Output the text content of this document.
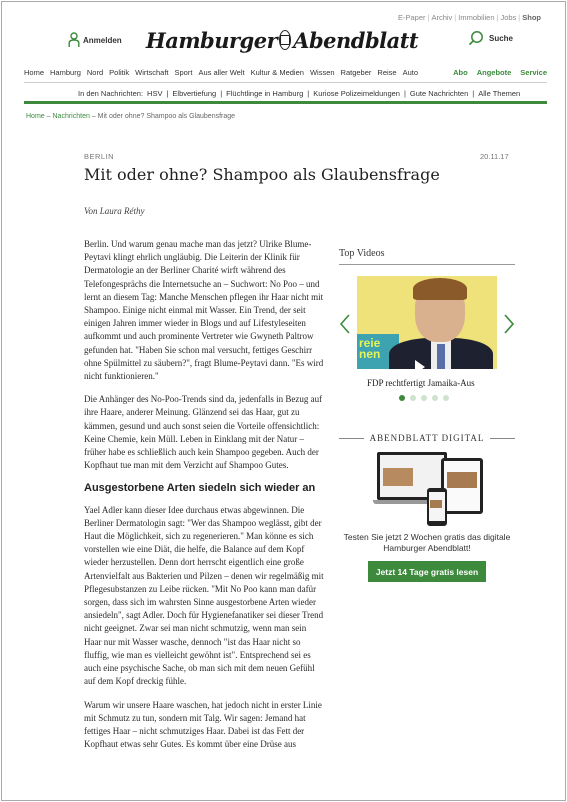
E-Paper | Archiv | Immobilien | Jobs | Shop
Anmelden Hamburger Abendblatt	Suche
Home Hamburg Nord Politik Wirtschaft Sport Aus aller Welt Kultur & Medien Wissen Ratgeber Reise Auto	Abo Angebote Service
In den Nachrichten: HSV | Elbvertiefung | Flüchtlinge in Hamburg | Kuriose Polizeimeldungen | Gute Nachrichten | Alle Themen
Home – Nachrichten – Mit oder ohne? Shampoo als Glaubensfrage
BERLIN	20.11.17
Mit oder ohne? Shampoo als Glaubensfrage
Von Laura Réthy

Berlin. Und warum genau mache man das jetzt? Ulrike Blume-Peytavi klingt ehrlich ungläubig. Die Leiterin der Klinik für Dermatologie an der Berliner Charité wirft während des Telefongesprächs die Internetsuche an – Suchwort: No Poo – und lernt an diesem Tag: Manche Menschen pflegen ihr Haar nicht mit Shampoo. Einige nicht einmal mit Wasser. Ein Trend, der seit einigen Jahren immer wieder in Blogs und auf Lifestyleseiten aufkommt und auch prominente Vertreter wie Gwyneth Paltrow gefunden hat. "Haben Sie schon mal versucht, fettiges Geschirr ohne Spülmittel zu säubern?", fragt Blume-Peytavi dann. "Es wird nicht funktionieren."

Die Anhänger des No-Poo-Trends sind da, jedenfalls in Bezug auf ihre Haare, anderer Meinung. Glänzend sei das Haar, gut zu kämmen, gesund und auch sonst seien die Vorteile offensichtlich: Keine Chemie, kein Müll. Leben in Einklang mit der Natur – früher habe es schließlich auch kein Shampoo gegeben. Auch der Kopfhaut tue man mit dem Verzicht auf Shampoo Gutes.

Ausgestorbene Arten siedeln sich wieder an

Yael Adler kann dieser Idee durchaus etwas abgewinnen. Die Berliner Dermatologin sagt: "Wer das Shampoo weglässt, gibt der Haut die Möglichkeit, sich zu regenerieren." Man könne es sich vorstellen wie eine Diät, die helfe, die Balance auf dem Kopf wieder herzustellen. Denn dort herrscht eigentlich eine große Artenvielfalt aus Bakterien und Pilzen – denen wir regelmäßig mit Pflegesubstanzen zu Leibe rücken. "Mit No Poo kann man dafür sorgen, dass sich im wahrsten Sinne ausgestorbene Arten wieder ansiedeln", sagt Adler. Doch für Hygienefanatiker sei dieser Trend nicht geeignet. Zwar sei man nicht schmutzig, wenn man sein Haar nur mit Wasser wasche, dennoch "ist das Haar nicht so fluffig, wie man es vielleicht gewöhnt ist". Entsprechend sei es auch eine psychische Sache, ob man sich mit dem neuen Gefühl auf dem Kopf dreckig fühle.

Warum wir unsere Haare waschen, hat jedoch nicht in erster Linie mit Schmutz zu tun, sondern mit Talg. Wir sagen: Jemand hat fettiges Haar – nicht schmutziges Haar. Dabei ist das Fett der Kopfhaut etwas sehr Gutes. Es kommt über eine Drüse aus

Top Videos
reie
nen
FDP rechtfertigt Jamaika-Aus
ABENDBLATT DIGITAL
Testen Sie jetzt 2 Wochen gratis das digitale Hamburger Abendblatt!
Jetzt 14 Tage gratis lesen
